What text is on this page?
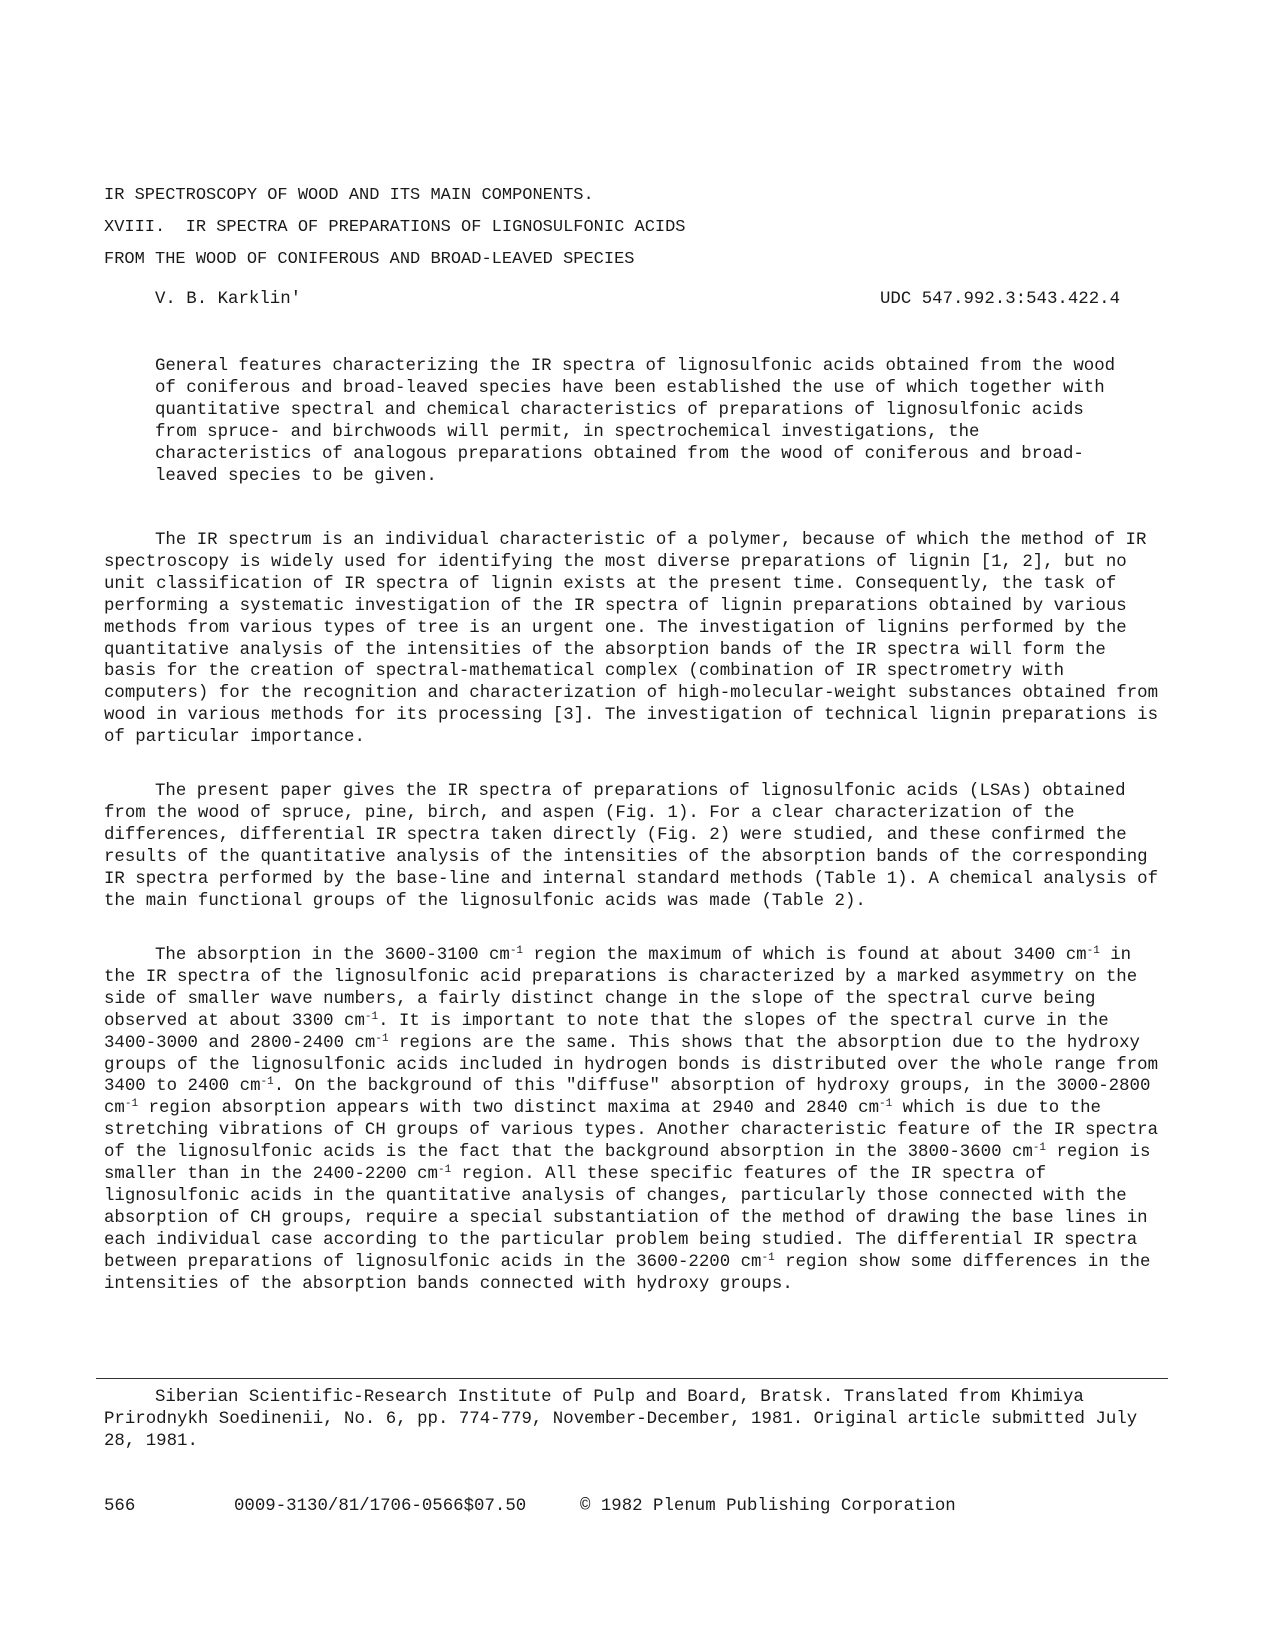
IR SPECTROSCOPY OF WOOD AND ITS MAIN COMPONENTS.
XVIII.  IR SPECTRA OF PREPARATIONS OF LIGNOSULFONIC ACIDS
FROM THE WOOD OF CONIFEROUS AND BROAD-LEAVED SPECIES
V. B. Karklin'	UDC 547.992.3:543.422.4

General features characterizing the IR spectra of lignosulfonic acids obtained from the wood of coniferous and broad-leaved species have been established the use of which together with quantitative spectral and chemical characteristics of preparations of lignosulfonic acids from spruce- and birchwoods will permit, in spectrochemical investigations, the characteristics of analogous preparations obtained from the wood of coniferous and broad-leaved species to be given.

The IR spectrum is an individual characteristic of a polymer, because of which the method of IR spectroscopy is widely used for identifying the most diverse preparations of lignin [1, 2], but no unit classification of IR spectra of lignin exists at the present time. Consequently, the task of performing a systematic investigation of the IR spectra of lignin preparations obtained by various methods from various types of tree is an urgent one. The investigation of lignins performed by the quantitative analysis of the intensities of the absorption bands of the IR spectra will form the basis for the creation of spectral-mathematical complex (combination of IR spectrometry with computers) for the recognition and characterization of high-molecular-weight substances obtained from wood in various methods for its processing [3]. The investigation of technical lignin preparations is of particular importance.

The present paper gives the IR spectra of preparations of lignosulfonic acids (LSAs) obtained from the wood of spruce, pine, birch, and aspen (Fig. 1). For a clear characterization of the differences, differential IR spectra taken directly (Fig. 2) were studied, and these confirmed the results of the quantitative analysis of the intensities of the absorption bands of the corresponding IR spectra performed by the base-line and internal standard methods (Table 1). A chemical analysis of the main functional groups of the lignosulfonic acids was made (Table 2).

The absorption in the 3600-3100 $cm^{-1}$ region the maximum of which is found at about 3400 $cm^{-1}$ in the IR spectra of the lignosulfonic acid preparations is characterized by a marked asymmetry on the side of smaller wave numbers, a fairly distinct change in the slope of the spectral curve being observed at about 3300 $cm^{-1}$. It is important to note that the slopes of the spectral curve in the 3400-3000 and 2800-2400 $cm^{-1}$ regions are the same. This shows that the absorption due to the hydroxy groups of the lignosulfonic acids included in hydrogen bonds is distributed over the whole range from 3400 to 2400 $cm^{-1}$. On the background of this "diffuse" absorption of hydroxy groups, in the 3000-2800 $cm^{-1}$ region absorption appears with two distinct maxima at 2940 and 2840 $cm^{-1}$ which is due to the stretching vibrations of CH groups of various types. Another characteristic feature of the IR spectra of the lignosulfonic acids is the fact that the background absorption in the 3800-3600 $cm^{-1}$ region is smaller than in the 2400-2200 $cm^{-1}$ region. All these specific features of the IR spectra of lignosulfonic acids in the quantitative analysis of changes, particularly those connected with the absorption of CH groups, require a special substantiation of the method of drawing the base lines in each individual case according to the particular problem being studied. The differential IR spectra between preparations of lignosulfonic acids in the 3600-2200 $cm^{-1}$ region show some differences in the intensities of the absorption bands connected with hydroxy groups.

Siberian Scientific-Research Institute of Pulp and Board, Bratsk. Translated from Khimiya Prirodnykh Soedinenii, No. 6, pp. 774-779, November-December, 1981. Original article submitted July 28, 1981.

566	0009-3130/81/1706-0566$07.50	© 1982 Plenum Publishing Corporation
